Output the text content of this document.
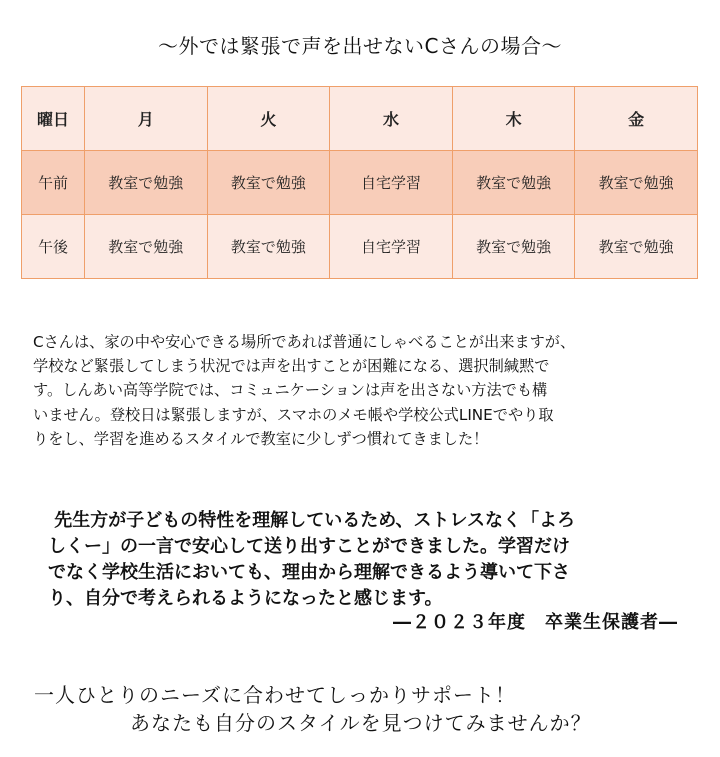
～外では緊張で声を出せないCさんの場合～
曜日	月	火	水	木	金
午前	教室で勉強	教室で勉強	自宅学習	教室で勉強	教室で勉強
午後	教室で勉強	教室で勉強	自宅学習	教室で勉強	教室で勉強
Cさんは、家の中や安心できる場所であれば普通にしゃべることが出来ますが、
学校など緊張してしまう状況では声を出すことが困難になる、選択制緘黙で
す。しんあい高等学院では、コミュニケーションは声を出さない方法でも構
いません。登校日は緊張しますが、スマホのメモ帳や学校公式LINEでやり取
りをし、学習を進めるスタイルで教室に少しずつ慣れてきました！
先生方が子どもの特性を理解しているため、ストレスなく「よろ
しくー」の一言で安心して送り出すことができました。学習だけ
でなく学校生活においても、理由から理解できるよう導いて下さ
り、自分で考えられるようになったと感じます。
―２０２３年度　卒業生保護者―
一人ひとりのニーズに合わせてしっかりサポート！
あなたも自分のスタイルを見つけてみませんか？
